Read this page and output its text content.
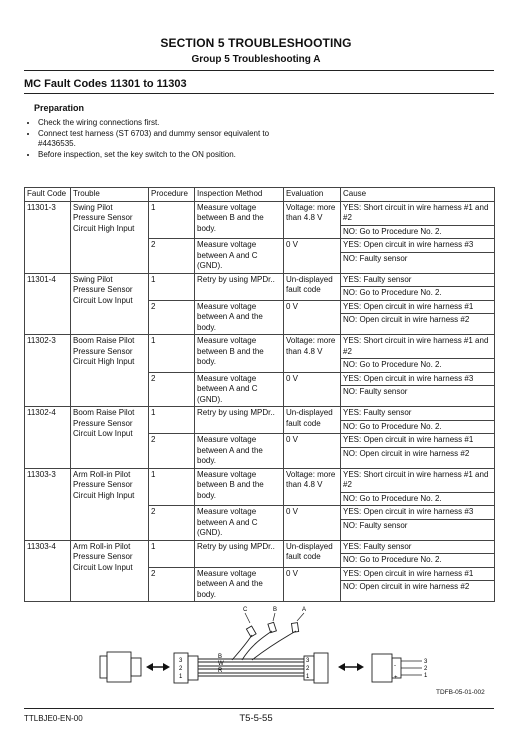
SECTION 5 TROUBLESHOOTING
Group 5 Troubleshooting A
MC Fault Codes 11301 to 11303
Preparation
• Check the wiring connections first.
• Connect test harness (ST 6703) and dummy sensor equivalent to #4436535.
• Before inspection, set the key switch to the ON position.
Fault Code	Trouble	Procedure	Inspection Method	Evaluation	Cause
11301-3	Swing Pilot Pressure Sensor Circuit High Input	1	Measure voltage between B and the body.	Voltage: more than 4.8 V	YES: Short circuit in wire harness #1 and #2
NO: Go to Procedure No. 2.

		2	Measure voltage between A and C (GND).	0 V	YES: Open circuit in wire harness #3
NO: Faulty sensor

11301-4	Swing Pilot Pressure Sensor Circuit Low Input	1	Retry by using MPDr..	Un-displayed fault code	YES: Faulty sensor
NO: Go to Procedure No. 2.

		2	Measure voltage between A and the body.	0 V	YES: Open circuit in wire harness #1
NO: Open circuit in wire harness #2

11302-3	Boom Raise Pilot Pressure Sensor Circuit High Input	1	Measure voltage between B and the body.	Voltage: more than 4.8 V	YES: Short circuit in wire harness #1 and #2
NO: Go to Procedure No. 2.

		2	Measure voltage between A and C (GND).	0 V	YES: Open circuit in wire harness #3
NO: Faulty sensor

11302-4	Boom Raise Pilot Pressure Sensor Circuit Low Input	1	Retry by using MPDr..	Un-displayed fault code	YES: Faulty sensor
NO: Go to Procedure No. 2.

		2	Measure voltage between A and the body.	0 V	YES: Open circuit in wire harness #1
NO: Open circuit in wire harness #2

11303-3	Arm Roll-in Pilot Pressure Sensor Circuit High Input	1	Measure voltage between B and the body.	Voltage: more than 4.8 V	YES: Short circuit in wire harness #1 and #2
NO: Go to Procedure No. 2.

		2	Measure voltage between A and C (GND).	0 V	YES: Open circuit in wire harness #3
NO: Faulty sensor

11303-4	Arm Roll-in Pilot Pressure Sensor Circuit Low Input	1	Retry by using MPDr..	Un-displayed fault code	YES: Faulty sensor
NO: Go to Procedure No. 2.

		2	Measure voltage between A and the body.	0 V	YES: Open circuit in wire harness #1
NO: Open circuit in wire harness #2
3
2
1
B
W
R
C	B	A
3
2
1
3
2
1
-
+
TDFB-05-01-002
TTLBJE0-EN-00	T5-5-55
